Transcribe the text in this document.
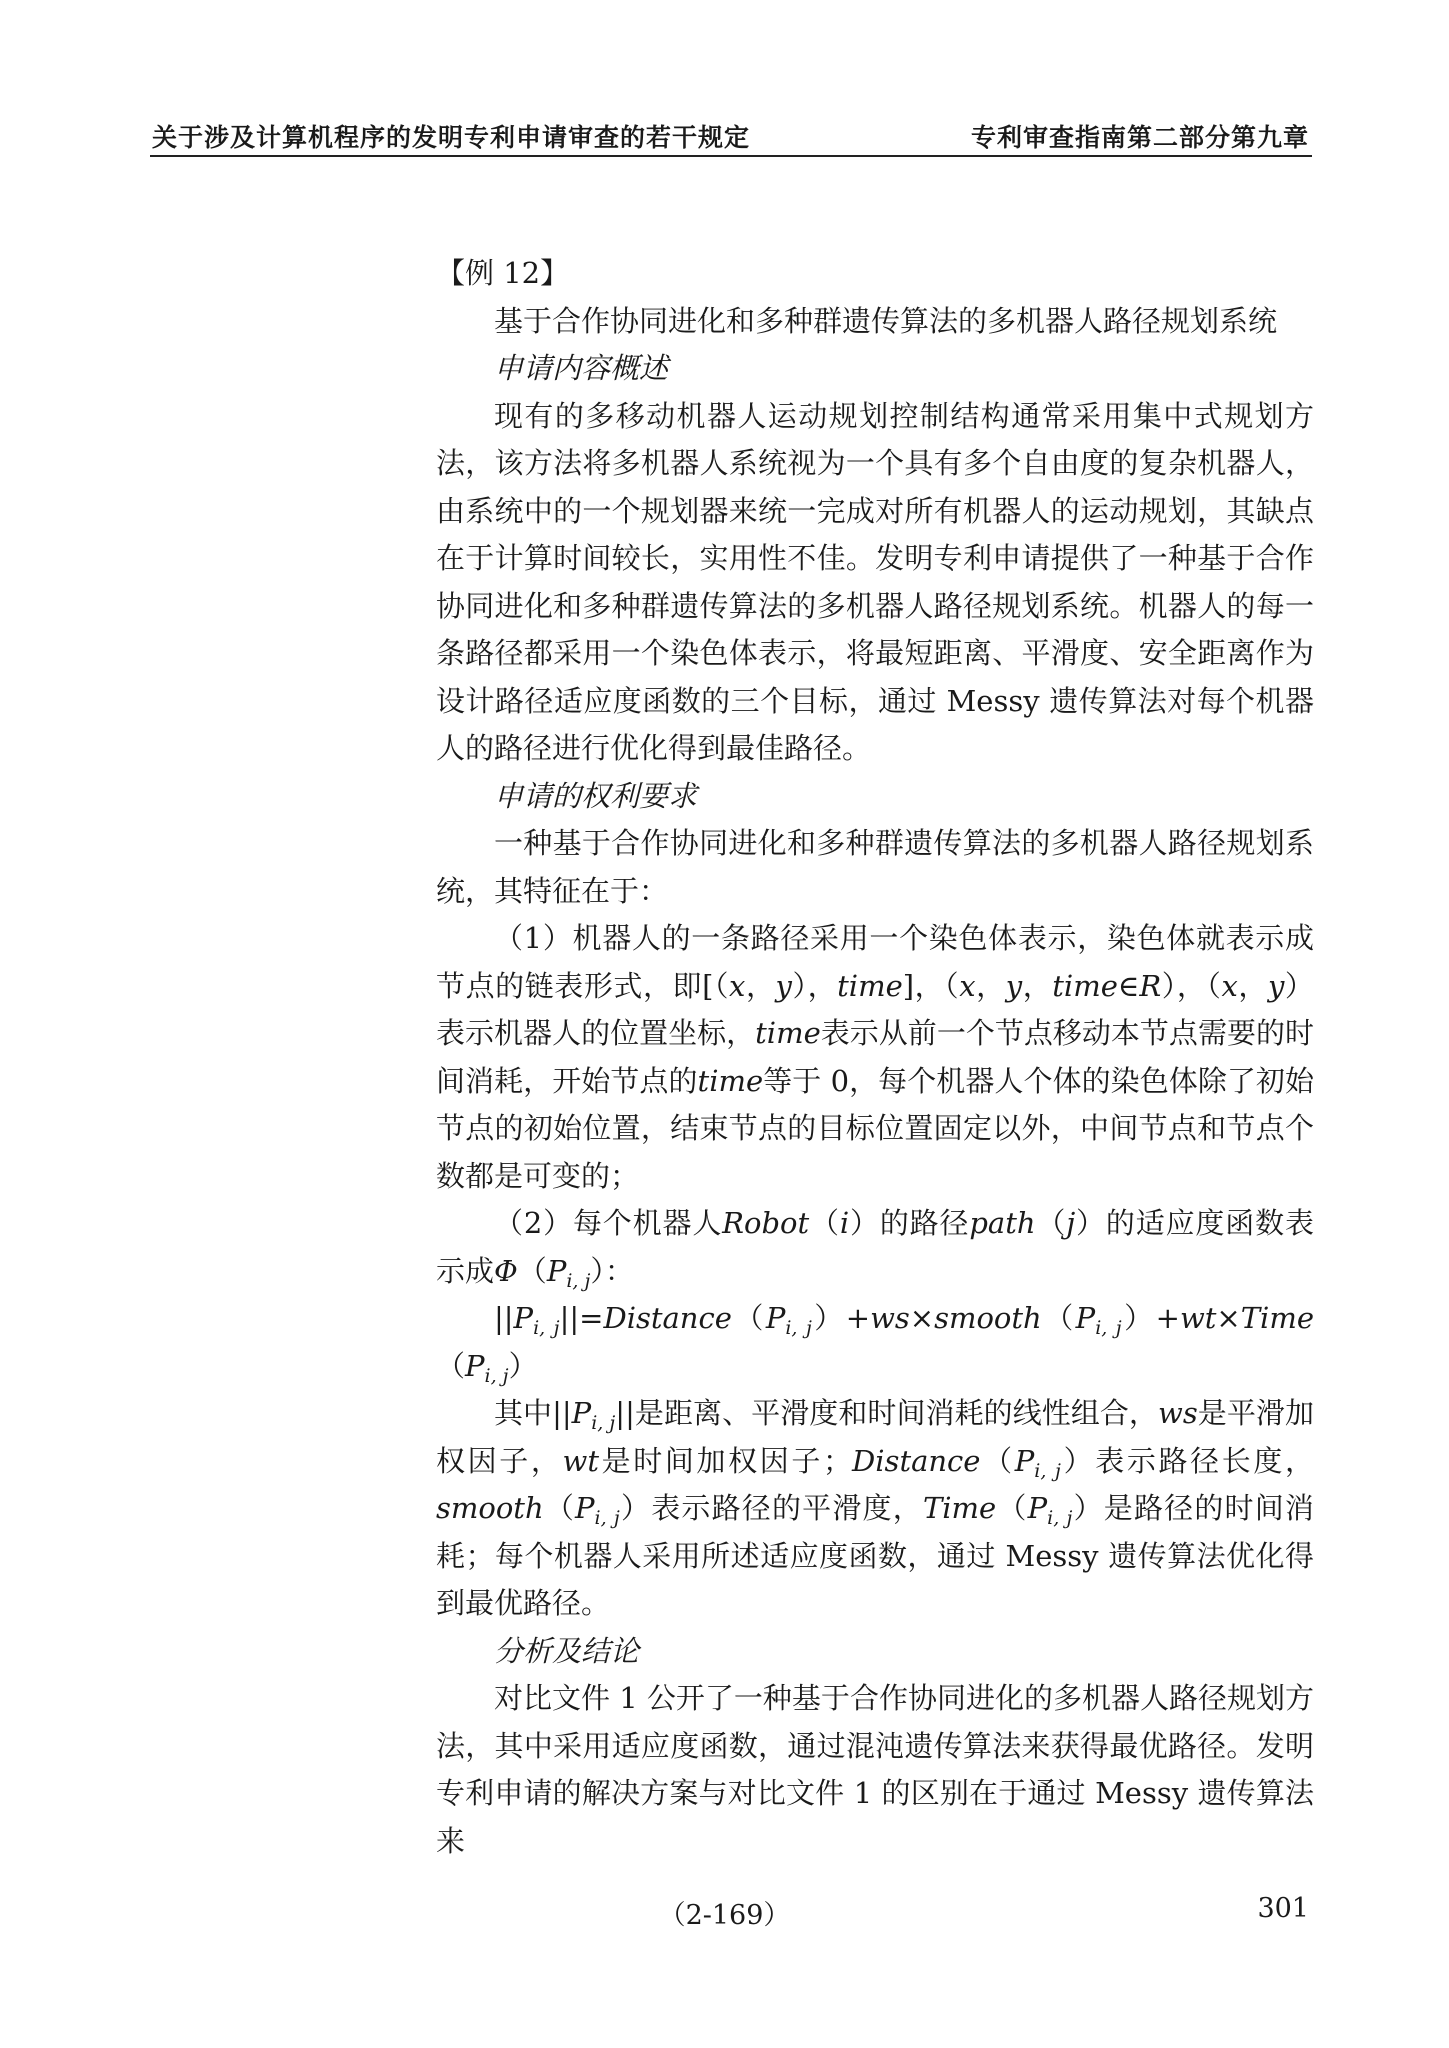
关于涉及计算机程序的发明专利申请审查的若干规定	专利审查指南第二部分第九章

【例 12】

基于合作协同进化和多种群遗传算法的多机器人路径规划系统

申请内容概述

现有的多移动机器人运动规划控制结构通常采用集中式规划方法，该方法将多机器人系统视为一个具有多个自由度的复杂机器人，由系统中的一个规划器来统一完成对所有机器人的运动规划，其缺点在于计算时间较长，实用性不佳。发明专利申请提供了一种基于合作协同进化和多种群遗传算法的多机器人路径规划系统。机器人的每一条路径都采用一个染色体表示，将最短距离、平滑度、安全距离作为设计路径适应度函数的三个目标，通过 Messy 遗传算法对每个机器人的路径进行优化得到最佳路径。

申请的权利要求

一种基于合作协同进化和多种群遗传算法的多机器人路径规划系统，其特征在于：

（1）机器人的一条路径采用一个染色体表示，染色体就表示成节点的链表形式，即[（x，y），time]，（x，y，time∈R），（x，y）表示机器人的位置坐标，time表示从前一个节点移动本节点需要的时间消耗，开始节点的time等于 0，每个机器人个体的染色体除了初始节点的初始位置，结束节点的目标位置固定以外，中间节点和节点个数都是可变的；

（2）每个机器人Robot（i）的路径path（j）的适应度函数表示成$\Phi(P_{i, j})$：

$||P_{i, j}||=Distance(P_{i, j})+ws\times smooth(P_{i, j})+wt\times Time(P_{i, j})$

其中$||P_{i, j}||$是距离、平滑度和时间消耗的线性组合，ws是平滑加权因子，wt是时间加权因子；$Distance(P_{i, j})$表示路径长度，$smooth(P_{i, j})$表示路径的平滑度，$Time(P_{i, j})$是路径的时间消耗；每个机器人采用所述适应度函数，通过 Messy 遗传算法优化得到最优路径。

分析及结论

对比文件 1 公开了一种基于合作协同进化的多机器人路径规划方法，其中采用适应度函数，通过混沌遗传算法来获得最优路径。发明专利申请的解决方案与对比文件 1 的区别在于通过 Messy 遗传算法来

（2-169）	301
